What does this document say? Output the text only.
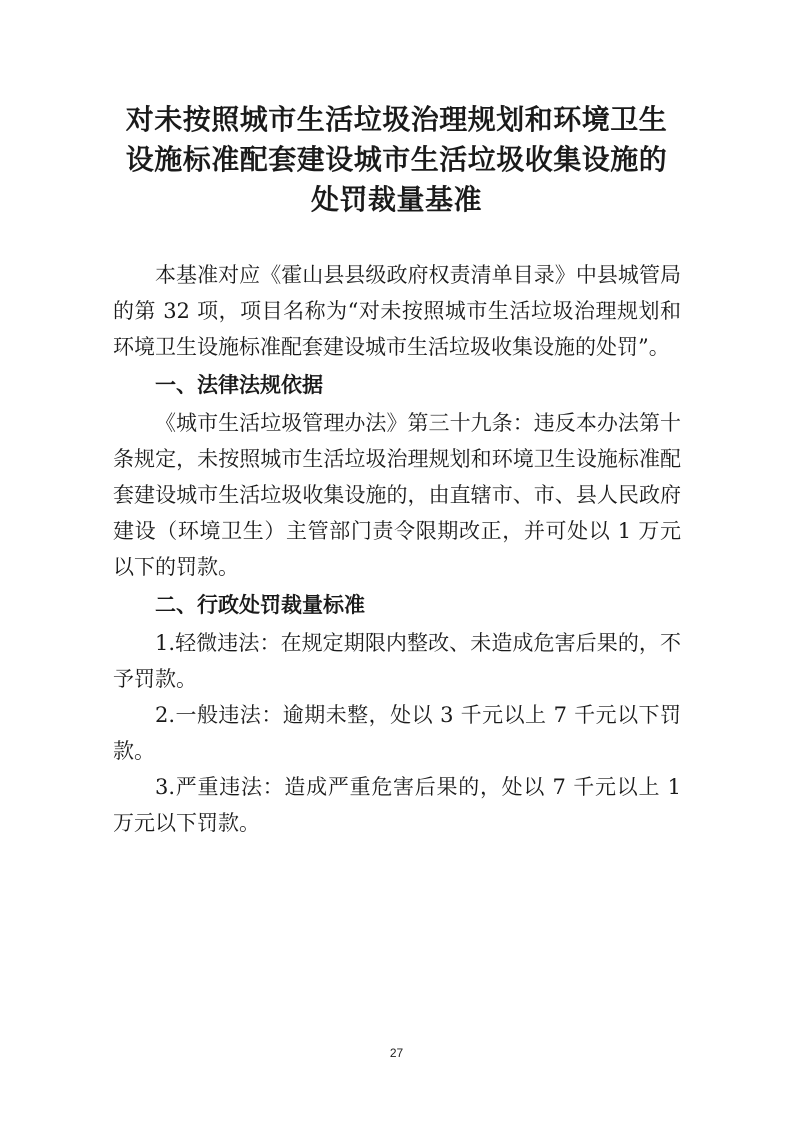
对未按照城市生活垃圾治理规划和环境卫生
设施标准配套建设城市生活垃圾收集设施的
处罚裁量基准

本基准对应《霍山县县级政府权责清单目录》中县城管局的第 32 项，项目名称为“对未按照城市生活垃圾治理规划和环境卫生设施标准配套建设城市生活垃圾收集设施的处罚”。

一、法律法规依据

《城市生活垃圾管理办法》第三十九条：违反本办法第十条规定，未按照城市生活垃圾治理规划和环境卫生设施标准配套建设城市生活垃圾收集设施的，由直辖市、市、县人民政府建设（环境卫生）主管部门责令限期改正，并可处以 1 万元以下的罚款。

二、行政处罚裁量标准

1.轻微违法：在规定期限内整改、未造成危害后果的，不予罚款。

2.一般违法：逾期未整，处以 3 千元以上 7 千元以下罚款。

3.严重违法：造成严重危害后果的，处以 7 千元以上 1 万元以下罚款。

27
